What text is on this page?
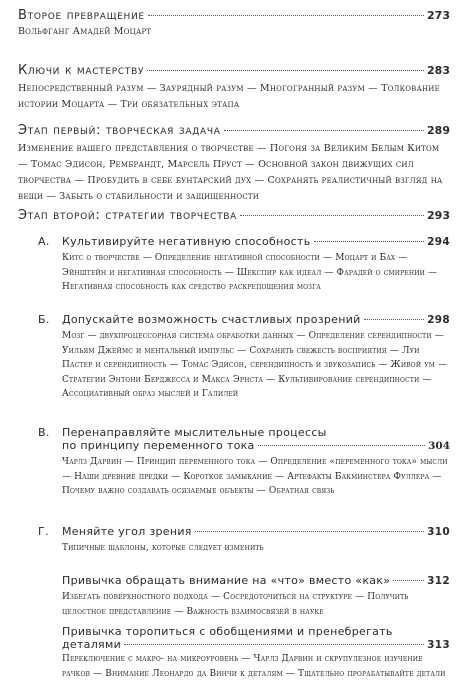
Второе превращение	273
Вольфганг Амадей Моцарт
Ключи к мастерству	283
Непосредственный разум — Заурядный разум — Многогранный разум — Толкование истории Моцарта — Три обязательных этапа
Этап первый: творческая задача	289
Изменение вашего представления о творчестве — Погоня за Великим Белым Китом — Томас Эдисон, Рембрандт, Марсель Пруст — Основной закон движущих сил творчества — Пробудить в себе бунтарский дух — Сохранять реалистичный взгляд на вещи — Забыть о стабильности и защищенности
Этап второй: стратегии творчества	293
А.	Культивируйте негативную способность	294
Китс о творчестве — Определение негативной способности — Моцарт и Бах — Эйнштейн и негативная способность — Шекспир как идеал — Фарадей о смирении — Негативная способность как средство раскрепощения мозга
Б.	Допускайте возможность счастливых прозрений	298
Мозг — двухпроцессорная система обработки данных — Определение серендипности — Уильям Джеймс и ментальный импульс — Сохранять свежесть восприятия — Луи Пастер и серендипность — Томас Эдисон, серендипность и звукозапись — Живой ум — Стратегии Энтони Берджесса и Макса Эрнста — Культивирование серендипности — Ассоциативный образ мыслей и Галилей
В.	Перенаправляйте мыслительные процессы
по принципу переменного тока	304
Чарлз Дарвин — Принцип переменного тока — Определение «переменного тока» мысли — Наши древние предки — Короткое замыкание — Артефакты Бакминстера Фуллера — Почему важно создавать осязаемые объекты — Обратная связь
Г.	Меняйте угол зрения	310
Типичные шаблоны, которые следует изменить
Привычка обращать внимание на «что» вместо «как»	312
Избегать поверхностного подхода — Сосредоточиться на структуре — Получить целостное представление — Важность взаимосвязей в науке
Привычка торопиться с обобщениями и пренебрегать
деталями	313
Переключение с макро- на микроуровень — Чарлз Дарвин и скрупулезное изучение рачков — Внимание Леонардо да Винчи к деталям — Тщательно прорабатывайте детали
